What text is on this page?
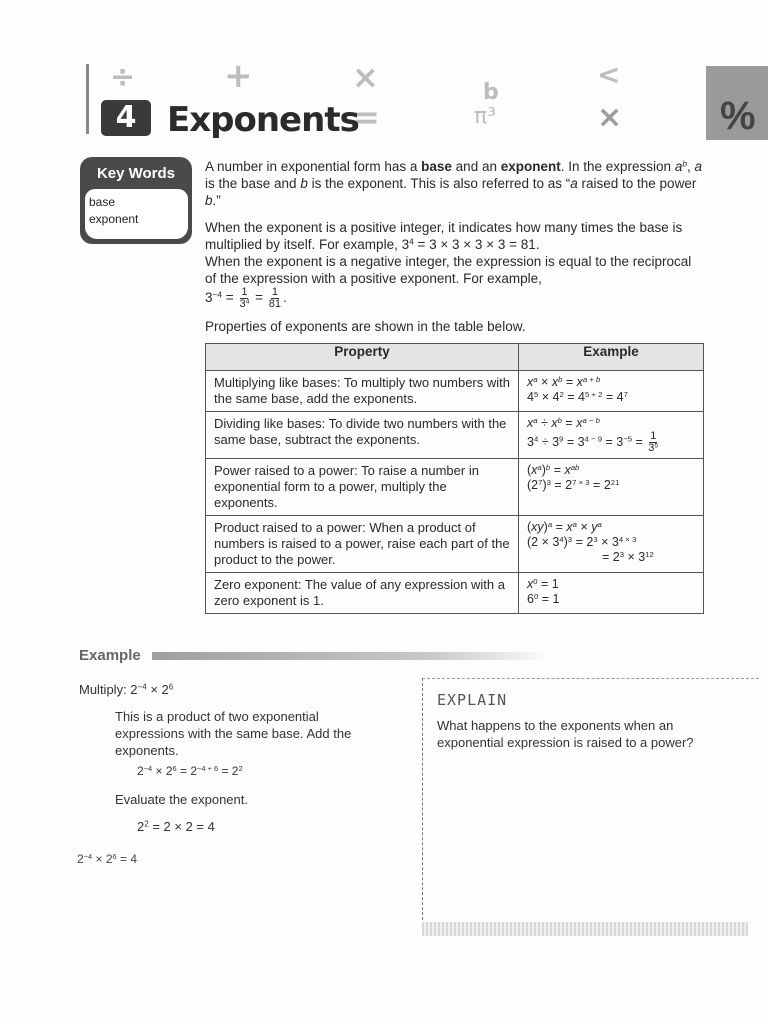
÷	+	×
=
b
π³
<
×
4 Exponents	%
Key Words
base
exponent
A number in exponential form has a base and an exponent. In the expression $a^b$, a is the base and b is the exponent. This is also referred to as “a raised to the power b.”
When the exponent is a positive integer, it indicates how many times the base is multiplied by itself. For example, $3^4 = 3 \times 3 \times 3 \times 3 = 81$.
When the exponent is a negative integer, the expression is equal to the reciprocal of the expression with a positive exponent. For example,
$3^{-4} = \frac{1}{3^4} = \frac{1}{81}$ .
Properties of exponents are shown in the table below.
Property	Example
Multiplying like bases: To multiply two numbers with the same base, add the exponents.	$x^a \times x^b = x^{a + b}$
$4^5 \times 4^2 = 4^{5 + 2} = 4^7$
Dividing like bases: To divide two numbers with the same base, subtract the exponents.	$x^a \div x^b = x^{a - b}$
$3^4 \div 3^9 = 3^{4 - 9} = 3^{-5} = \frac{1}{3^5}$

Power raised to a power: To raise a number in exponential form to a power, multiply the exponents.	$(x^a)^b = x^{ab}$
$(2^7)^3 = 2^{7 \times 3} = 2^{21}$
Product raised to a power: When a product of numbers is raised to a power, raise each part of the product to the power.	$(xy)^a = x^a \times y^a$
$(2 \times 3^4)^3 = 2^3 \times 3^{4 \times 3}$
= $2^3 \times 3^{12}$
Zero exponent: The value of any expression with a zero exponent is 1.	$x^0 = 1$
$6^0 = 1$
Example
Multiply: $2^{-4} \times 2^6$
This is a product of two exponential expressions with the same base. Add the exponents.
$2^{-4} \times 2^6 = 2^{-4 + 6} = 2^2$
Evaluate the exponent.
$2^2 = 2 \times 2 = 4$
$2^{-4} \times 2^6 = 4$
EXPLAIN
What happens to the exponents when an exponential expression is raised to a power?
